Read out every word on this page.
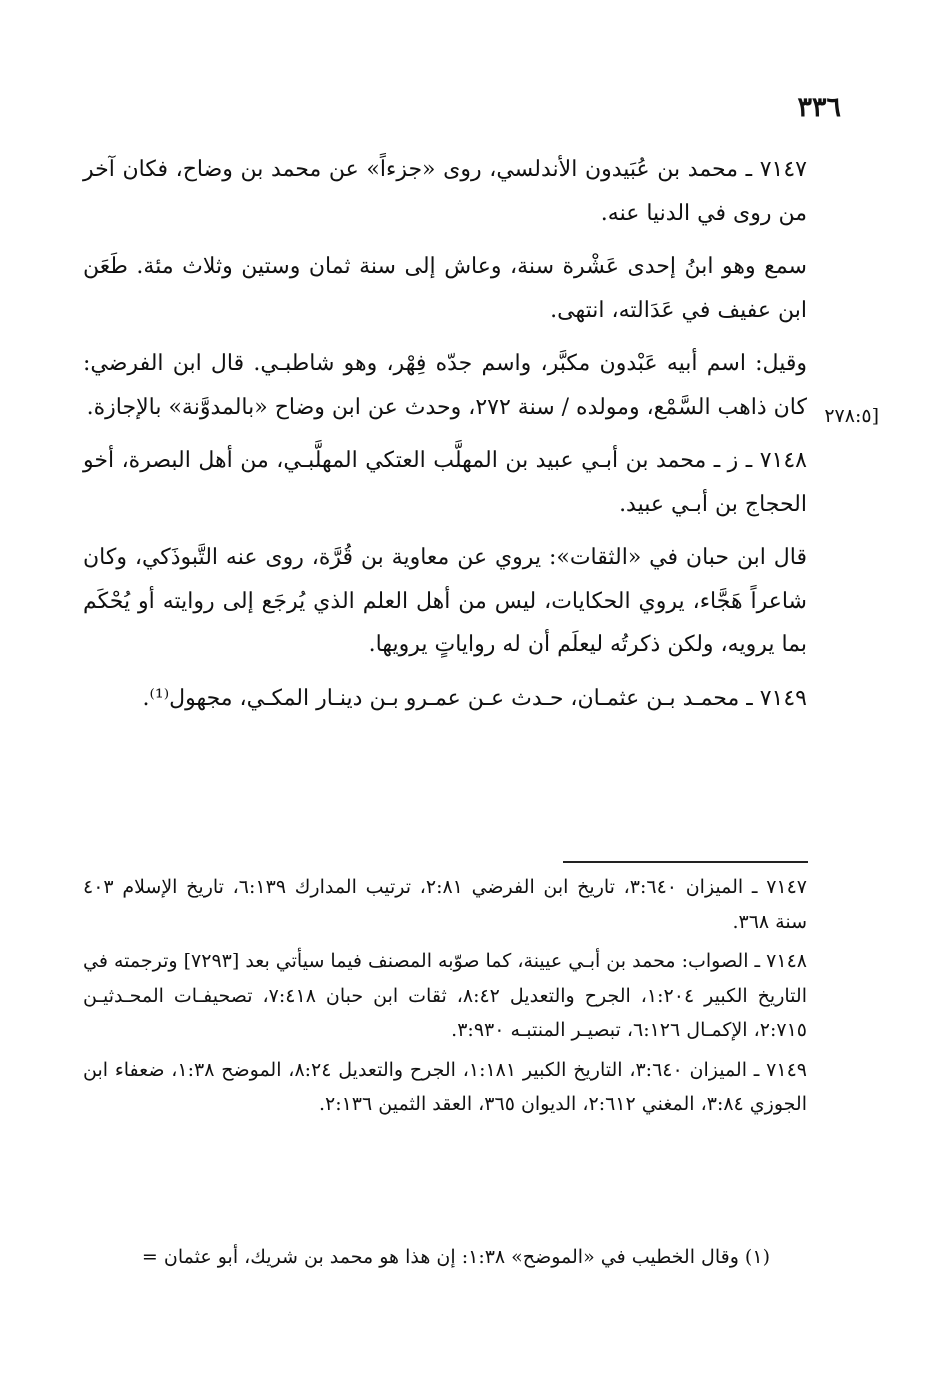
٣٣٦
[٢٧٨:٥

٧١٤٧ ـ محمد بن عُبَيدون الأندلسي، روى «جزءاً» عن محمد بن وضاح، فكان آخر من روى في الدنيا عنه.

سمع وهو ابنُ إحدى عَشْرة سنة، وعاش إلى سنة ثمان وستين وثلاث مئة. طَعَن ابن عفيف في عَدَالته، انتهى.

وقيل: اسم أبيه عَبْدون مكبَّر، واسم جدّه فِهْر، وهو شاطبـي. قال ابن الفرضي: كان ذاهب السَّمْع، ومولده / سنة ٢٧٢، وحدث عن ابن وضاح «بالمدوَّنة» بالإجازة.

٧١٤٨ ـ ز ـ محمد بن أبـي عبيد بن المهلَّب العتكي المهلَّبـي، من أهل البصرة، أخو الحجاج بن أبـي عبيد.

قال ابن حبان في «الثقات»: يروي عن معاوية بن قُرَّة، روى عنه التَّبوذَكي، وكان شاعراً هَجَّاء، يروي الحكايات، ليس من أهل العلم الذي يُرجَع إلى روايته أو يُحْكَم بما يرويه، ولكن ذكرتُه ليعلَم أن له رواياتٍ يرويها.

٧١٤٩ ـ محمـد بـن عثمـان، حـدث عـن عمـرو بـن دينـار المكـي، مجهول⁽¹⁾.

٧١٤٧ ـ الميزان ٣:٦٤٠، تاريخ ابن الفرضي ٢:٨١، ترتيب المدارك ٦:١٣٩، تاريخ الإسلام ٤٠٣ سنة ٣٦٨.

٧١٤٨ ـ الصواب: محمد بن أبـي عيينة، كما صوّبه المصنف فيما سيأتي بعد [٧٢٩٣] وترجمته في التاريخ الكبير ١:٢٠٤، الجرح والتعديل ٨:٤٢، ثقات ابن حبان ٧:٤١٨، تصحيفـات المحـدثيـن ٢:٧١٥، الإكمـال ٦:١٢٦، تبصيـر المنتبـه ٣:٩٣٠.

٧١٤٩ ـ الميزان ٣:٦٤٠، التاريخ الكبير ١:١٨١، الجرح والتعديل ٨:٢٤، الموضح ١:٣٨، ضعفاء ابن الجوزي ٣:٨٤، المغني ٢:٦١٢، الديوان ٣٦٥، العقد الثمين ٢:١٣٦.

(١) وقال الخطيب في «الموضح» ١:٣٨: إن هذا هو محمد بن شريك، أبو عثمان =
